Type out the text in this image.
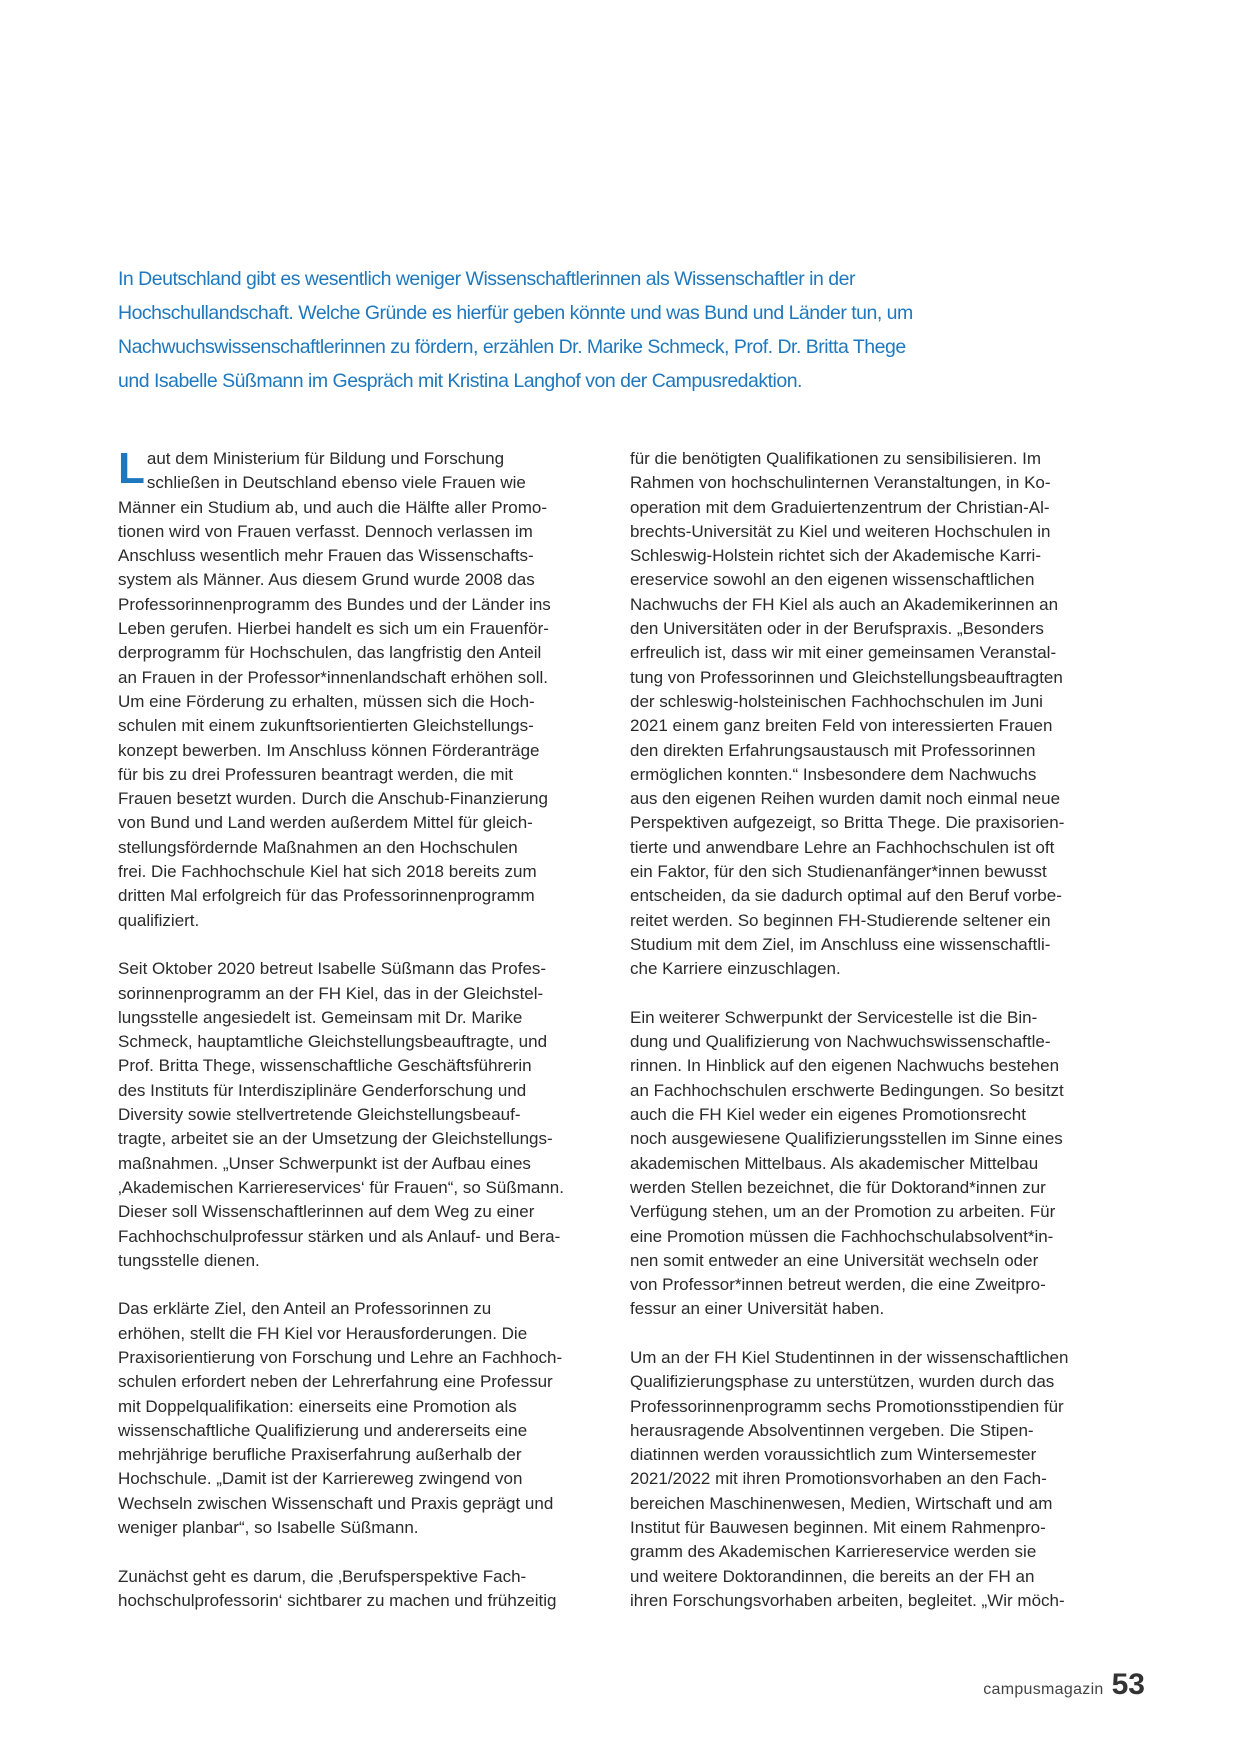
In Deutschland gibt es wesentlich weniger Wissenschaftlerinnen als Wissenschaftler in der
Hochschullandschaft. Welche Gründe es hierfür geben könnte und was Bund und Länder tun, um
Nachwuchswissenschaftlerinnen zu fördern, erzählen Dr. Marike Schmeck, Prof. Dr. Britta Thege
und Isabelle Süßmann im Gespräch mit Kristina Langhof von der Campusredaktion.
L aut dem Ministerium für Bildung und Forschung
schließen in Deutschland ebenso viele Frauen wie
Männer ein Studium ab, und auch die Hälfte aller Promo-
tionen wird von Frauen verfasst. Dennoch verlassen im
Anschluss wesentlich mehr Frauen das Wissenschafts-
system als Männer. Aus diesem Grund wurde 2008 das
Professorinnenprogramm des Bundes und der Länder ins
Leben gerufen. Hierbei handelt es sich um ein Frauenför-
derprogramm für Hochschulen, das langfristig den Anteil
an Frauen in der Professor*innenlandschaft erhöhen soll.
Um eine Förderung zu erhalten, müssen sich die Hoch-
schulen mit einem zukunftsorientierten Gleichstellungs-
konzept bewerben. Im Anschluss können Förderanträge
für bis zu drei Professuren beantragt werden, die mit
Frauen besetzt wurden. Durch die Anschub-Finanzierung
von Bund und Land werden außerdem Mittel für gleich-
stellungsfördernde Maßnahmen an den Hochschulen
frei. Die Fachhochschule Kiel hat sich 2018 bereits zum
dritten Mal erfolgreich für das Professorinnenprogramm
qualifiziert.
Seit Oktober 2020 betreut Isabelle Süßmann das Profes-
sorinnenprogramm an der FH Kiel, das in der Gleichstel-
lungsstelle angesiedelt ist. Gemeinsam mit Dr. Marike
Schmeck, hauptamtliche Gleichstellungsbeauftragte, und
Prof. Britta Thege, wissenschaftliche Geschäftsführerin
des Instituts für Interdisziplinäre Genderforschung und
Diversity sowie stellvertretende Gleichstellungsbeauf-
tragte, arbeitet sie an der Umsetzung der Gleichstellungs-
maßnahmen. „Unser Schwerpunkt ist der Aufbau eines
‚Akademischen Karriereservices‘ für Frauen“, so Süßmann.
Dieser soll Wissenschaftlerinnen auf dem Weg zu einer
Fachhochschulprofessur stärken und als Anlauf- und Bera-
tungsstelle dienen.
Das erklärte Ziel, den Anteil an Professorinnen zu
erhöhen, stellt die FH Kiel vor Herausforderungen. Die
Praxisorientierung von Forschung und Lehre an Fachhoch-
schulen erfordert neben der Lehrerfahrung eine Professur
mit Doppelqualifikation: einerseits eine Promotion als
wissenschaftliche Qualifizierung und andererseits eine
mehrjährige berufliche Praxiserfahrung außerhalb der
Hochschule. „Damit ist der Karriereweg zwingend von
Wechseln zwischen Wissenschaft und Praxis geprägt und
weniger planbar“, so Isabelle Süßmann.
Zunächst geht es darum, die ‚Berufsperspektive Fach-
hochschulprofessorin‘ sichtbarer zu machen und frühzeitig
für die benötigten Qualifikationen zu sensibilisieren. Im
Rahmen von hochschulinternen Veranstaltungen, in Ko-
operation mit dem Graduiertenzentrum der Christian-Al-
brechts-Universität zu Kiel und weiteren Hochschulen in
Schleswig-Holstein richtet sich der Akademische Karri-
ereservice sowohl an den eigenen wissenschaftlichen
Nachwuchs der FH Kiel als auch an Akademikerinnen an
den Universitäten oder in der Berufspraxis. „Besonders
erfreulich ist, dass wir mit einer gemeinsamen Veranstal-
tung von Professorinnen und Gleichstellungsbeauftragten
der schleswig-holsteinischen Fachhochschulen im Juni
2021 einem ganz breiten Feld von interessierten Frauen
den direkten Erfahrungsaustausch mit Professorinnen
ermöglichen konnten.“ Insbesondere dem Nachwuchs
aus den eigenen Reihen wurden damit noch einmal neue
Perspektiven aufgezeigt, so Britta Thege. Die praxisorien-
tierte und anwendbare Lehre an Fachhochschulen ist oft
ein Faktor, für den sich Studienanfänger*innen bewusst
entscheiden, da sie dadurch optimal auf den Beruf vorbe-
reitet werden. So beginnen FH-Studierende seltener ein
Studium mit dem Ziel, im Anschluss eine wissenschaftli-
che Karriere einzuschlagen.
Ein weiterer Schwerpunkt der Servicestelle ist die Bin-
dung und Qualifizierung von Nachwuchswissenschaftle-
rinnen. In Hinblick auf den eigenen Nachwuchs bestehen
an Fachhochschulen erschwerte Bedingungen. So besitzt
auch die FH Kiel weder ein eigenes Promotionsrecht
noch ausgewiesene Qualifizierungsstellen im Sinne eines
akademischen Mittelbaus. Als akademischer Mittelbau
werden Stellen bezeichnet, die für Doktorand*innen zur
Verfügung stehen, um an der Promotion zu arbeiten. Für
eine Promotion müssen die Fachhochschulabsolvent*in-
nen somit entweder an eine Universität wechseln oder
von Professor*innen betreut werden, die eine Zweitpro-
fessur an einer Universität haben.
Um an der FH Kiel Studentinnen in der wissenschaftlichen
Qualifizierungsphase zu unterstützen, wurden durch das
Professorinnenprogramm sechs Promotionsstipendien für
herausragende Absolventinnen vergeben. Die Stipen-
diatinnen werden voraussichtlich zum Wintersemester
2021/2022 mit ihren Promotionsvorhaben an den Fach-
bereichen Maschinenwesen, Medien, Wirtschaft und am
Institut für Bauwesen beginnen. Mit einem Rahmenpro-
gramm des Akademischen Karriereservice werden sie
und weitere Doktorandinnen, die bereits an der FH an
ihren Forschungsvorhaben arbeiten, begleitet. „Wir möch-
campusmagazin 53
